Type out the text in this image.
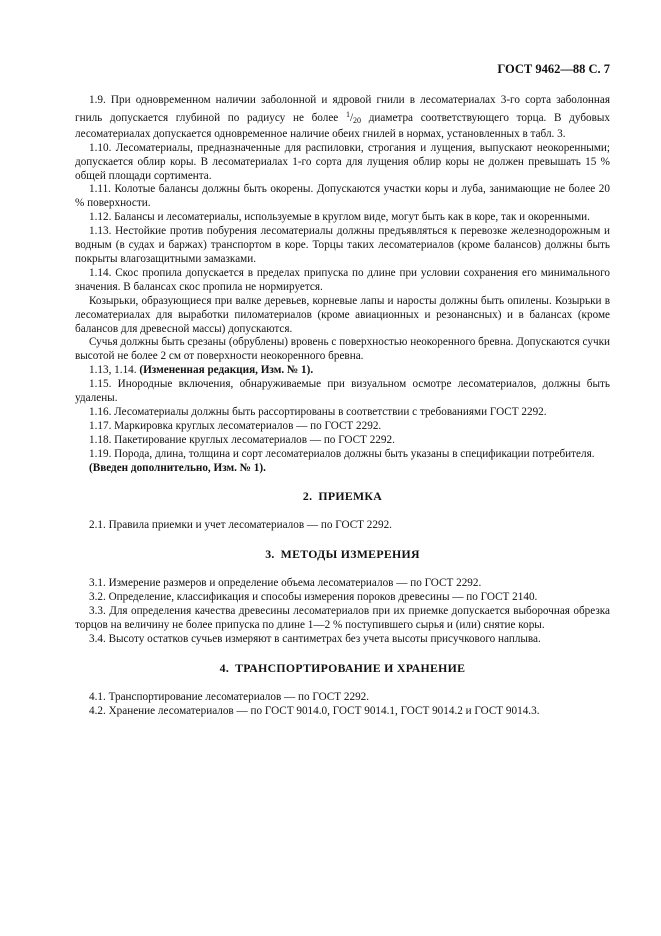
ГОСТ 9462—88 С. 7

1.9. При одновременном наличии заболонной и ядровой гнили в лесоматериалах 3-го сорта заболонная гниль допускается глубиной по радиусу не более $^1/_{20}$ диаметра соответствующего торца. В дубовых лесоматериалах допускается одновременное наличие обеих гнилей в нормах, установленных в табл. 3.

1.10. Лесоматериалы, предназначенные для распиловки, строгания и лущения, выпускают неокоренными; допускается облир коры. В лесоматериалах 1-го сорта для лущения облир коры не должен превышать 15 % общей площади сортимента.

1.11. Колотые балансы должны быть окорены. Допускаются участки коры и луба, занимающие не более 20 % поверхности.

1.12. Балансы и лесоматериалы, используемые в круглом виде, могут быть как в коре, так и окоренными.

1.13. Нестойкие против побурения лесоматериалы должны предъявляться к перевозке железнодорожным и водным (в судах и баржах) транспортом в коре. Торцы таких лесоматериалов (кроме балансов) должны быть покрыты влагозащитными замазками.

1.14. Скос пропила допускается в пределах припуска по длине при условии сохранения его минимального значения. В балансах скос пропила не нормируется.

Козырьки, образующиеся при валке деревьев, корневые лапы и наросты должны быть опилены. Козырьки в лесоматериалах для выработки пиломатериалов (кроме авиационных и резонансных) и в балансах (кроме балансов для древесной массы) допускаются.

Сучья должны быть срезаны (обрублены) вровень с поверхностью неокоренного бревна. Допускаются сучки высотой не более 2 см от поверхности неокоренного бревна.

1.13, 1.14. (Измененная редакция, Изм. № 1).

1.15. Инородные включения, обнаруживаемые при визуальном осмотре лесоматериалов, должны быть удалены.

1.16. Лесоматериалы должны быть рассортированы в соответствии с требованиями ГОСТ 2292.

1.17. Маркировка круглых лесоматериалов — по ГОСТ 2292.

1.18. Пакетирование круглых лесоматериалов — по ГОСТ 2292.

1.19. Порода, длина, толщина и сорт лесоматериалов должны быть указаны в спецификации потребителя.

(Введен дополнительно, Изм. № 1).

2. ПРИЕМКА

2.1. Правила приемки и учет лесоматериалов — по ГОСТ 2292.

3. МЕТОДЫ ИЗМЕРЕНИЯ

3.1. Измерение размеров и определение объема лесоматериалов — по ГОСТ 2292.

3.2. Определение, классификация и способы измерения пороков древесины — по ГОСТ 2140.

3.3. Для определения качества древесины лесоматериалов при их приемке допускается выборочная обрезка торцов на величину не более припуска по длине 1—2 % поступившего сырья и (или) снятие коры.

3.4. Высоту остатков сучьев измеряют в сантиметрах без учета высоты присучкового наплыва.

4. ТРАНСПОРТИРОВАНИЕ И ХРАНЕНИЕ

4.1. Транспортирование лесоматериалов — по ГОСТ 2292.

4.2. Хранение лесоматериалов — по ГОСТ 9014.0, ГОСТ 9014.1, ГОСТ 9014.2 и ГОСТ 9014.3.
